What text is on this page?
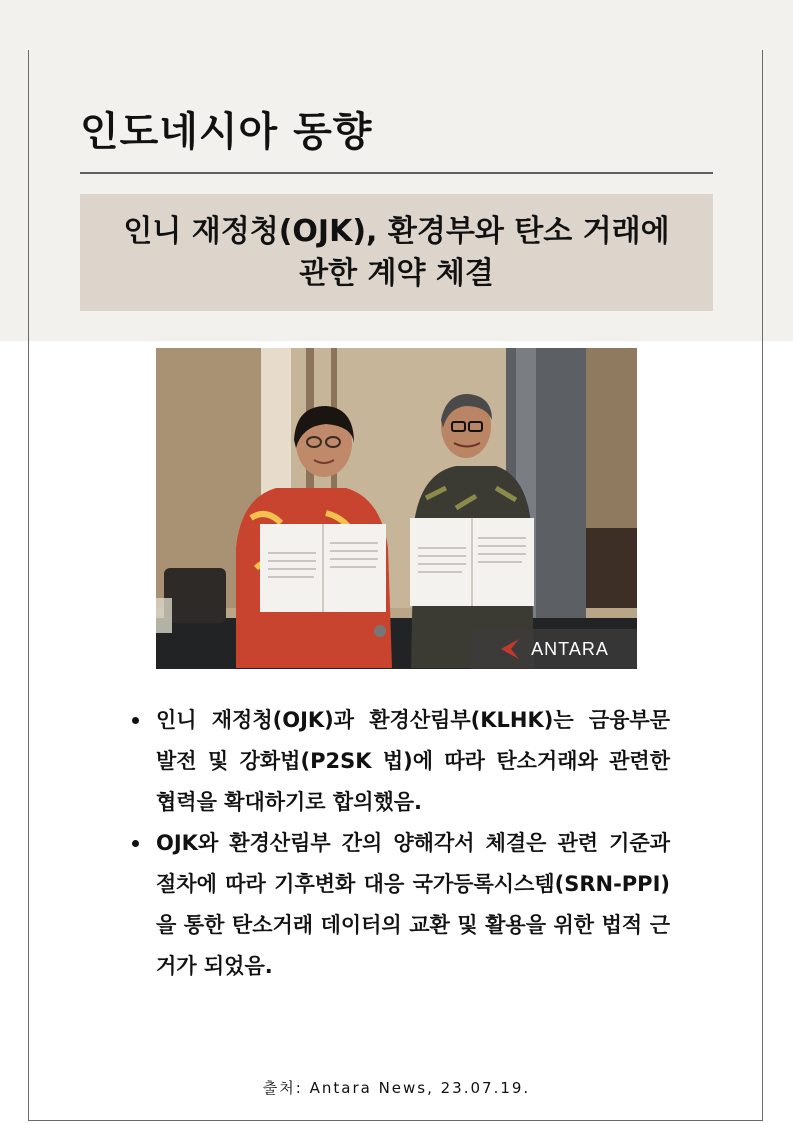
인도네시아 동향
인니 재정청(OJK), 환경부와 탄소 거래에 관한 계약 체결
ANTARA
인니 재정청(OJK)과 환경산림부(KLHK)는 금융부문 발전 및 강화법(P2SK 법)에 따라 탄소거래와 관련한 협력을 확대하기로 합의했음.
OJK와 환경산림부 간의 양해각서 체결은 관련 기준과 절차에 따라 기후변화 대응 국가등록시스템(SRN-PPI)을 통한 탄소거래 데이터의 교환 및 활용을 위한 법적 근거가 되었음.
출처: Antara News, 23.07.19.
